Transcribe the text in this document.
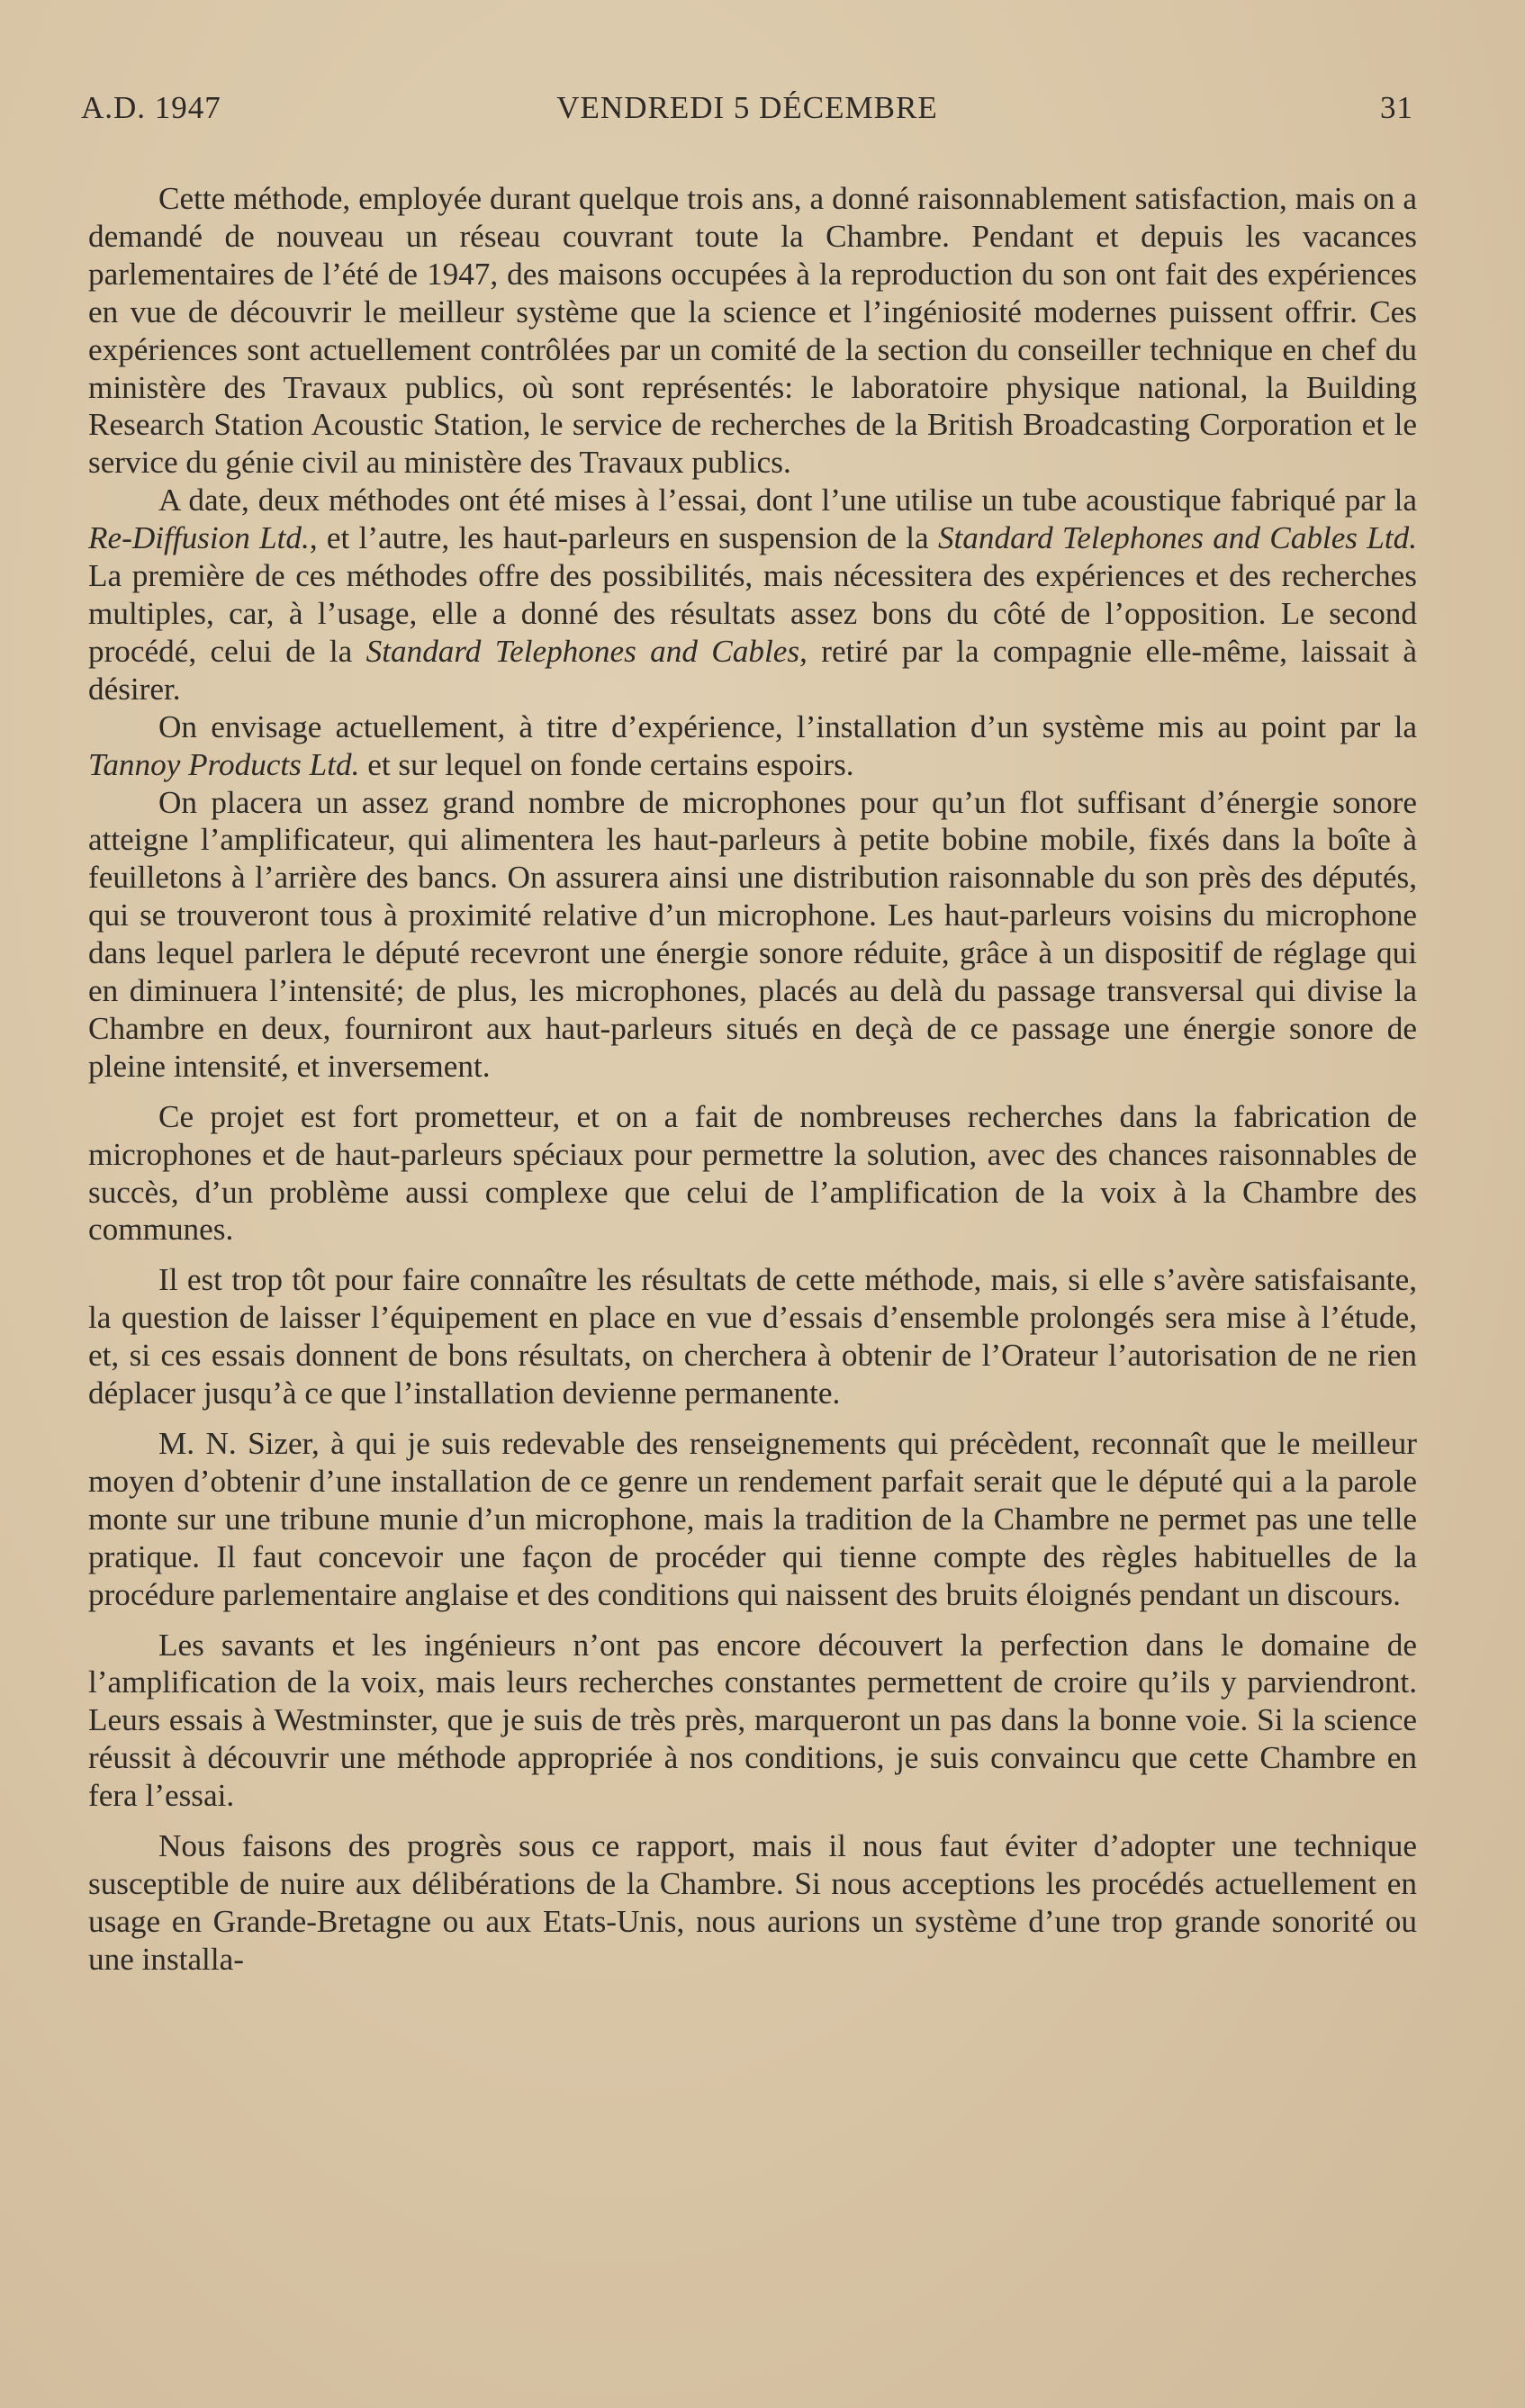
A.D. 1947	VENDREDI 5 DÉCEMBRE	31

Cette méthode, employée durant quelque trois ans, a donné raisonnablement satisfaction, mais on a demandé de nouveau un réseau couvrant toute la Chambre. Pendant et depuis les vacances parlementaires de l’été de 1947, des maisons occupées à la reproduction du son ont fait des expériences en vue de découvrir le meilleur système que la science et l’ingéniosité modernes puissent offrir. Ces expériences sont actuellement contrôlées par un comité de la section du conseiller technique en chef du ministère des Travaux publics, où sont représentés: le laboratoire physique national, la Building Research Station Acoustic Station, le service de recherches de la British Broadcasting Corporation et le service du génie civil au ministère des Travaux publics.

A date, deux méthodes ont été mises à l’essai, dont l’une utilise un tube acoustique fabriqué par la Re-Diffusion Ltd., et l’autre, les haut-parleurs en suspension de la Standard Telephones and Cables Ltd. La première de ces méthodes offre des possibilités, mais nécessitera des expériences et des recherches multiples, car, à l’usage, elle a donné des résultats assez bons du côté de l’opposition. Le second procédé, celui de la Standard Telephones and Cables, retiré par la compagnie elle-même, laissait à désirer.

On envisage actuellement, à titre d’expérience, l’installation d’un système mis au point par la Tannoy Products Ltd. et sur lequel on fonde certains espoirs.

On placera un assez grand nombre de microphones pour qu’un flot suffisant d’énergie sonore atteigne l’amplificateur, qui alimentera les haut-parleurs à petite bobine mobile, fixés dans la boîte à feuilletons à l’arrière des bancs. On assurera ainsi une distribution raisonnable du son près des députés, qui se trouveront tous à proximité relative d’un microphone. Les haut-parleurs voisins du microphone dans lequel parlera le député recevront une énergie sonore réduite, grâce à un dispositif de réglage qui en diminuera l’intensité; de plus, les microphones, placés au delà du passage transversal qui divise la Chambre en deux, fourniront aux haut-parleurs situés en deçà de ce passage une énergie sonore de pleine intensité, et inversement.

Ce projet est fort prometteur, et on a fait de nombreuses recherches dans la fabrication de microphones et de haut-parleurs spéciaux pour permettre la solution, avec des chances raisonnables de succès, d’un problème aussi complexe que celui de l’amplification de la voix à la Chambre des communes.

Il est trop tôt pour faire connaître les résultats de cette méthode, mais, si elle s’avère satisfaisante, la question de laisser l’équipement en place en vue d’essais d’ensemble prolongés sera mise à l’étude, et, si ces essais donnent de bons résultats, on cherchera à obtenir de l’Orateur l’autorisation de ne rien déplacer jusqu’à ce que l’installation devienne permanente.

M. N. Sizer, à qui je suis redevable des renseignements qui précèdent, reconnaît que le meilleur moyen d’obtenir d’une installation de ce genre un rendement parfait serait que le député qui a la parole monte sur une tribune munie d’un microphone, mais la tradition de la Chambre ne permet pas une telle pratique. Il faut concevoir une façon de procéder qui tienne compte des règles habituelles de la procédure parlementaire anglaise et des conditions qui naissent des bruits éloignés pendant un discours.

Les savants et les ingénieurs n’ont pas encore découvert la perfection dans le domaine de l’amplification de la voix, mais leurs recherches constantes permettent de croire qu’ils y parviendront. Leurs essais à Westminster, que je suis de très près, marqueront un pas dans la bonne voie. Si la science réussit à découvrir une méthode appropriée à nos conditions, je suis convaincu que cette Chambre en fera l’essai.

Nous faisons des progrès sous ce rapport, mais il nous faut éviter d’adopter une technique susceptible de nuire aux délibérations de la Chambre. Si nous acceptions les procédés actuellement en usage en Grande-Bretagne ou aux Etats-Unis, nous aurions un système d’une trop grande sonorité ou une installa-
